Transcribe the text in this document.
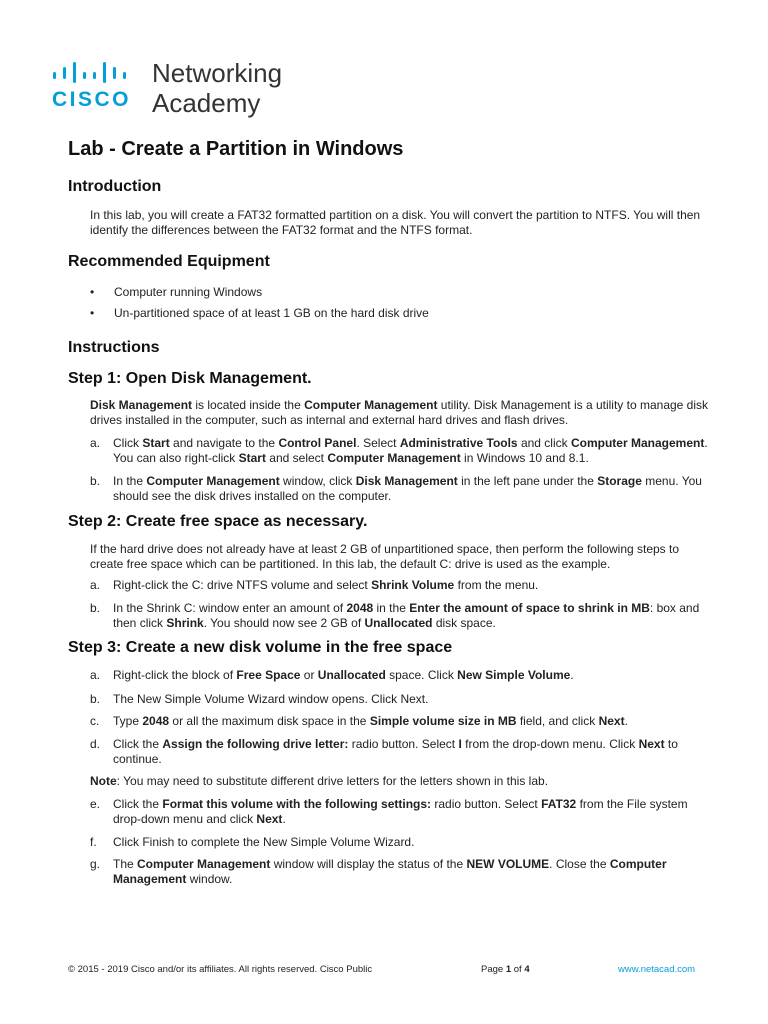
CISCO
Networking
Academy
Lab - Create a Partition in Windows
Introduction

In this lab, you will create a FAT32 formatted partition on a disk. You will convert the partition to NTFS. You will then identify the differences between the FAT32 format and the NTFS format.

Recommended Equipment
• Computer running Windows
• Un-partitioned space of at least 1 GB on the hard disk drive
Instructions
Step 1: Open Disk Management.

Disk Management is located inside the Computer Management utility. Disk Management is a utility to manage disk drives installed in the computer, such as internal and external hard drives and flash drives.

a. Click Start and navigate to the Control Panel. Select Administrative Tools and click Computer Management. You can also right-click Start and select Computer Management in Windows 10 and 8.1.
b. In the Computer Management window, click Disk Management in the left pane under the Storage menu. You should see the disk drives installed on the computer.
Step 2: Create free space as necessary.

If the hard drive does not already have at least 2 GB of unpartitioned space, then perform the following steps to create free space which can be partitioned. In this lab, the default C: drive is used as the example.

a. Right-click the C: drive NTFS volume and select Shrink Volume from the menu.
b. In the Shrink C: window enter an amount of 2048 in the Enter the amount of space to shrink in MB: box and then click Shrink. You should now see 2 GB of Unallocated disk space.
Step 3: Create a new disk volume in the free space
a. Right-click the block of Free Space or Unallocated space. Click New Simple Volume.
b. The New Simple Volume Wizard window opens. Click Next.
c. Type 2048 or all the maximum disk space in the Simple volume size in MB field, and click Next.
d. Click the Assign the following drive letter: radio button. Select I from the drop-down menu. Click Next to continue.

Note: You may need to substitute different drive letters for the letters shown in this lab.

e. Click the Format this volume with the following settings: radio button. Select FAT32 from the File system drop-down menu and click Next.
f. Click Finish to complete the New Simple Volume Wizard.
g. The Computer Management window will display the status of the NEW VOLUME. Close the Computer Management window.
© 2015 - 2019 Cisco and/or its affiliates. All rights reserved. Cisco Public	Page 1 of 4	www.netacad.com
